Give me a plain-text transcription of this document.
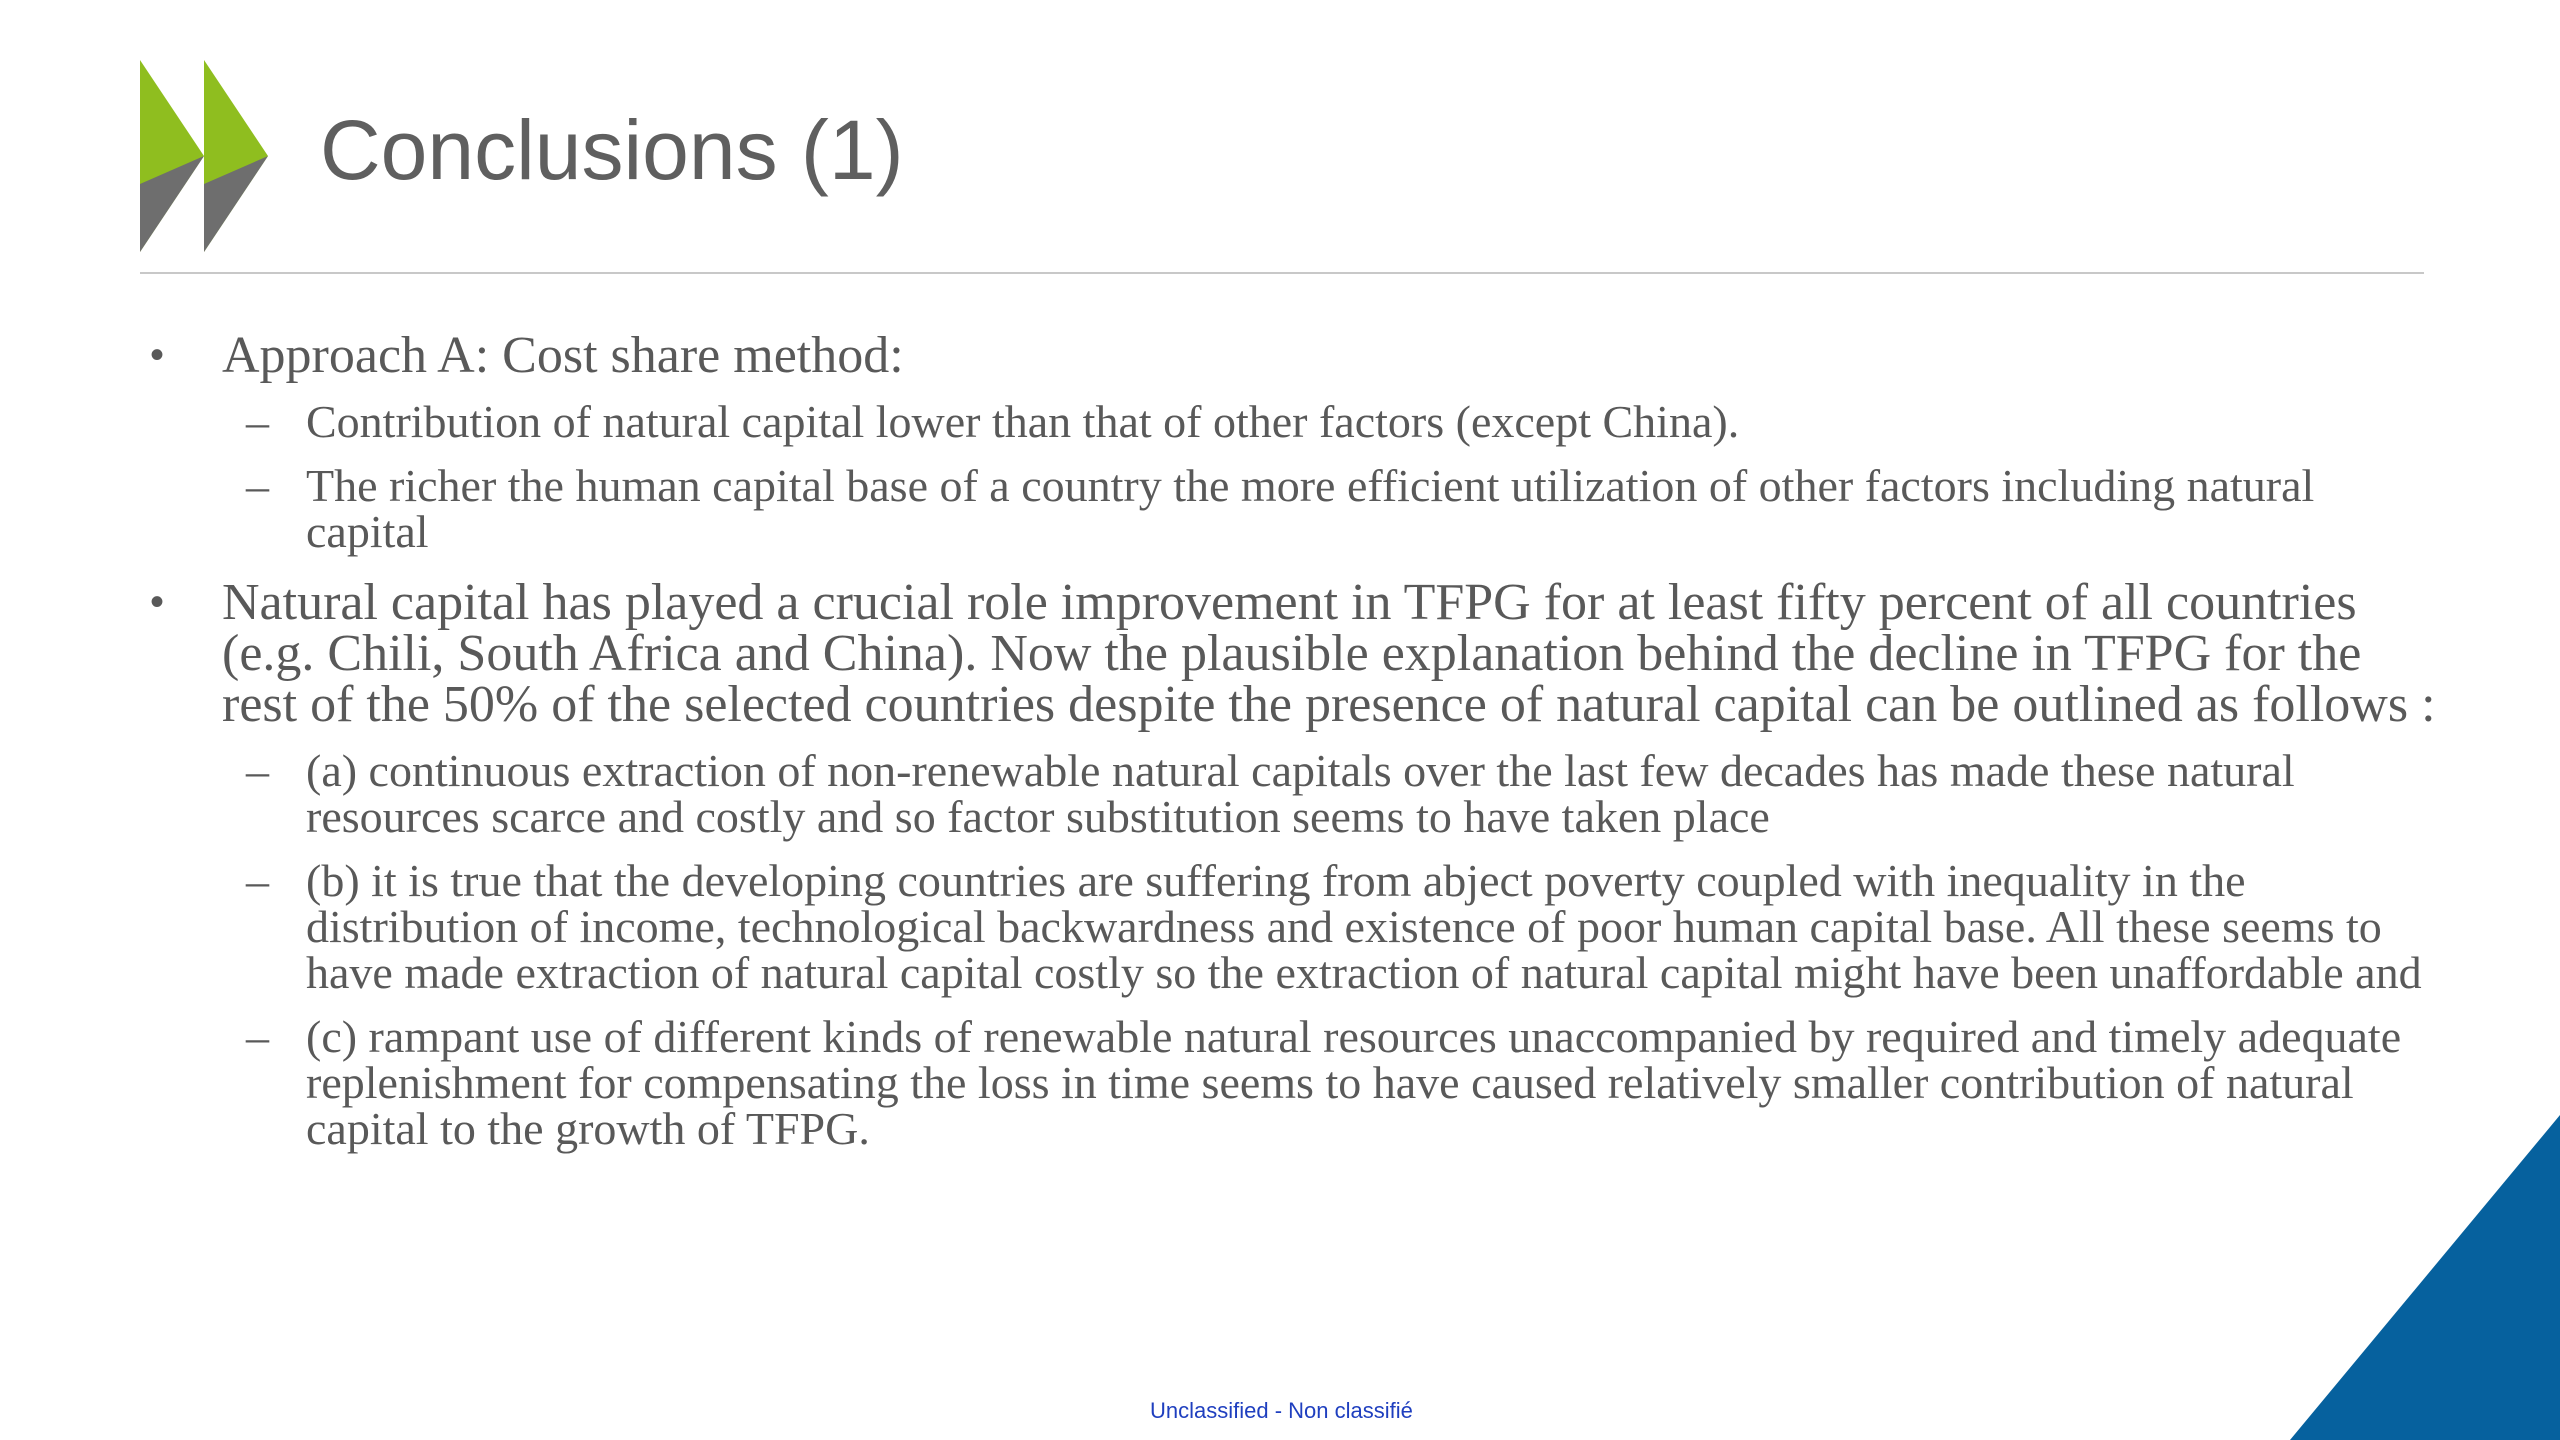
Conclusions (1)
• Approach A: Cost share method:
– Contribution of natural capital lower than that of other factors (except China).
– The richer the human capital base of a country the more efficient utilization of other factors including natural capital
• Natural capital has played a crucial role improvement in TFPG for at least fifty percent of all countries (e.g. Chili, South Africa and China). Now the plausible explanation behind the decline in TFPG for the rest of the 50% of the selected countries despite the presence of natural capital can be outlined as follows :
– (a) continuous extraction of non-renewable natural capitals over the last few decades has made these natural resources scarce and costly and so factor substitution seems to have taken place
– (b) it is true that the developing countries are suffering from abject poverty coupled with inequality in the distribution of income, technological backwardness and existence of poor human capital base. All these seems to have made extraction of natural capital costly so the extraction of natural capital might have been unaffordable and
– (c) rampant use of different kinds of renewable natural resources unaccompanied by required and timely adequate replenishment for compensating the loss in time seems to have caused relatively smaller contribution of natural capital to the growth of TFPG.
Unclassified - Non classifié
